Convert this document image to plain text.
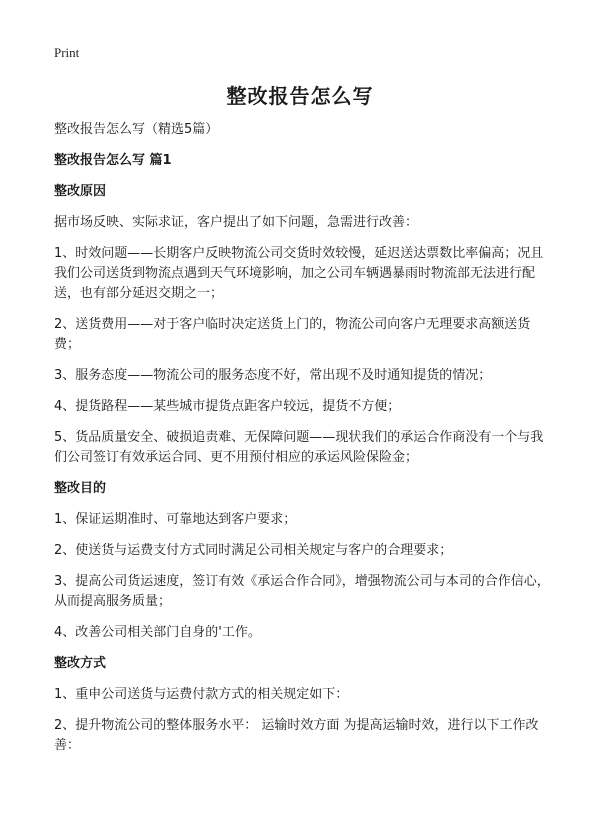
Print
整改报告怎么写

整改报告怎么写（精选5篇）

整改报告怎么写 篇1
整改原因

据市场反映、实际求证，客户提出了如下问题，急需进行改善：

1、时效问题——长期客户反映物流公司交货时效较慢，延迟送达票数比率偏高；况且我们公司送货到物流点遇到天气环境影响，加之公司车辆遇暴雨时物流部无法进行配送，也有部分延迟交期之一；

2、送货费用——对于客户临时决定送货上门的，物流公司向客户无理要求高额送货费；

3、服务态度——物流公司的服务态度不好，常出现不及时通知提货的情况；

4、提货路程——某些城市提货点距客户较远，提货不方便；

5、货品质量安全、破损追责难、无保障问题——现状我们的承运合作商没有一个与我们公司签订有效承运合同、更不用预付相应的承运风险保险金；

整改目的

1、保证运期准时、可靠地达到客户要求；

2、使送货与运费支付方式同时满足公司相关规定与客户的合理要求；

3、提高公司货运速度，签订有效《承运合作合同》，增强物流公司与本司的合作信心，从而提高服务质量；

4、改善公司相关部门自身的'工作。

整改方式

1、重申公司送货与运费付款方式的相关规定如下：

2、提升物流公司的整体服务水平： 运输时效方面 为提高运输时效，进行以下工作改善：
